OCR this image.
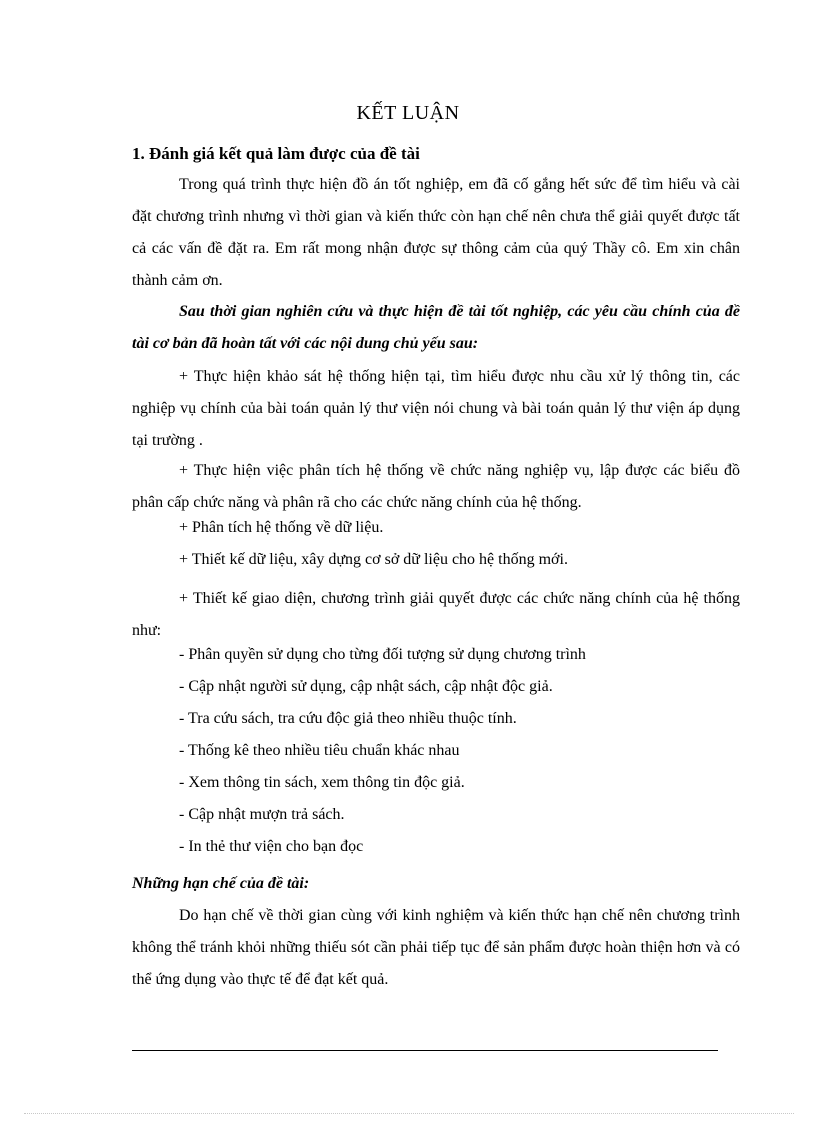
KẾT LUẬN
1. Đánh giá kết quả làm được của đề tài

Trong quá trình thực hiện đồ án tốt nghiệp, em đã cố gắng hết sức để tìm hiểu và cài đặt chương trình nhưng vì thời gian và kiến thức còn hạn chế nên chưa thể giải quyết được tất cả các vấn đề đặt ra. Em rất mong nhận được sự thông cảm của quý Thầy cô. Em xin chân thành cảm ơn.

Sau thời gian nghiên cứu và thực hiện đề tài tốt nghiệp, các yêu cầu chính của đề tài cơ bản đã hoàn tất với các nội dung chủ yếu sau:

+ Thực hiện khảo sát hệ thống hiện tại, tìm hiểu được nhu cầu xử lý thông tin, các nghiệp vụ chính của bài toán quản lý thư viện nói chung và bài toán quản lý thư viện áp dụng tại trường .

+ Thực hiện việc phân tích hệ thống về chức năng nghiệp vụ, lập được các biểu đồ phân cấp chức năng và phân rã cho các chức năng chính của hệ thống.

+ Phân tích hệ thống về dữ liệu.
+ Thiết kế dữ liệu, xây dựng cơ sở dữ liệu cho hệ thống mới.

+ Thiết kế giao diện, chương trình giải quyết được các chức năng chính của hệ thống như:

- Phân quyền sử dụng cho từng đối tượng sử dụng chương trình
- Cập nhật người sử dụng, cập nhật sách, cập nhật độc giả.
- Tra cứu sách, tra cứu độc giả theo nhiều thuộc tính.
- Thống kê theo nhiều tiêu chuẩn khác nhau
- Xem thông tin sách, xem thông tin độc giả.
- Cập nhật mượn trả sách.
- In thẻ thư viện cho bạn đọc
Những hạn chế của đề tài:

Do hạn chế về thời gian cùng với kinh nghiệm và kiến thức hạn chế nên chương trình không thể tránh khỏi những thiếu sót cần phải tiếp tục để sản phẩm được hoàn thiện hơn và có thể ứng dụng vào thực tế để đạt kết quả.
